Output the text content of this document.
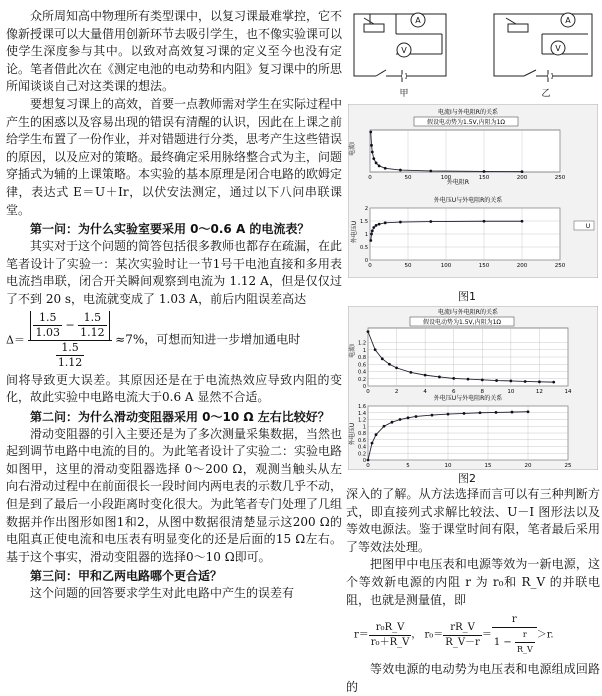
众所周知高中物理所有类型课中，以复习课最难掌控，它不像新授课可以大量借用创新环节去吸引学生，也不像实验课可以使学生深度参与其中。以致对高效复习课的定义至今也没有定论。笔者借此次在《测定电池的电动势和内阻》复习课中的所思所闻谈谈自己对这类课的想法。

要想复习课上的高效，首要一点教师需对学生在实际过程中产生的困惑以及容易出现的错误有清醒的认识，因此在上课之前给学生布置了一份作业，并对错题进行分类，思考产生这些错误的原因，以及应对的策略。最终确定采用脉络整合式为主，问题穿插式为辅的上课策略。本实验的基本原理是闭合电路的欧姆定律，表达式 E＝U＋Ir，以伏安法测定，通过以下八问串联课堂。

第一问：为什么实验室要采用 0～0.6 A 的电流表？

其实对于这个问题的简答包括很多教师也都存在疏漏，在此笔者设计了实验一：某次实验时让一节1号干电池直接和多用表电流挡串联，闭合开关瞬间观察到电流为 1.12 A，但是仅仅过了不到 20 s，电流就变成了 1.03 A，前后内阻误差高达

$\Delta= \frac{\frac{1.5}{1.03} - \frac{1.5}{1.12}}{\frac{1.5}{1.12}} \approx 7\%$，可想而知进一步增加通电时

间将导致更大误差。其原因还是在于电流热效应导致内阻的变化，故此实验中电路电流大于0.6 A 显然不合适。

第二问：为什么滑动变阻器采用 0～10 Ω 左右比较好？

滑动变阻器的引入主要还是为了多次测量采集数据，当然也起到调节电路中电流的目的。为此笔者设计了实验二：实验电路如图甲，这里的滑动变阻器选择 0～200 Ω，观测当触头从左向右滑动过程中在前面很长一段时间内两电表的示数几乎不动，但是到了最后一小段距离时变化很大。为此笔者专门处理了几组数据并作出图形如图1和2，从图中数据很清楚显示这200 Ω的电阻真正使电流和电压表有明显变化的还是后面的15 Ω左右。基于这个事实，滑动变阻器的选择0～10 Ω即可。

第三问：甲和乙两电路哪个更合适？

这个问题的回答要求学生对此电路中产生的误差有

A
V
A
V
甲	乙
电流I与外电阻R的关系
假设电动势为1.5V,内阻为1Ω
电流I
0	50	100	150	200	250
外电阻R
外电压U与外电阻R的关系
外电压U
0	50	100	150	200	250
0
0.5
1
1.5
2
U
图1
电流I与外电阻R的关系
假设电动势为1.5V,内阻为1Ω
电流I
0	2	4	6	8	10	12	14
0
0.2
0.4
0.6
0.8
1
1.2
外电压U与外电阻R的关系
外电压U
0	5	10	15	20	25
0
0.2
0.4
0.6
0.8
1
1.2
1.4
1.6
图2

深入的了解。从方法选择而言可以有三种判断方式，即直接列式求解比较法、U－I 图形法以及等效电源法。鉴于课堂时间有限，笔者最后采用了等效法处理。

把图甲中电压表和电源等效为一新电源，这个等效新电源的内阻 r 为 r₀和 R_V 的并联电阻，也就是测量值，即

$r= \frac{\text{r₀R\_V}}{\text{r₀＋R\_V}}$ ， $r_0= \frac{rR\_V}{R\_V-r} = \frac{r}{1 - \frac{r}{R\_V}} >r$.

等效电源的电动势为电压表和电源组成回路的
